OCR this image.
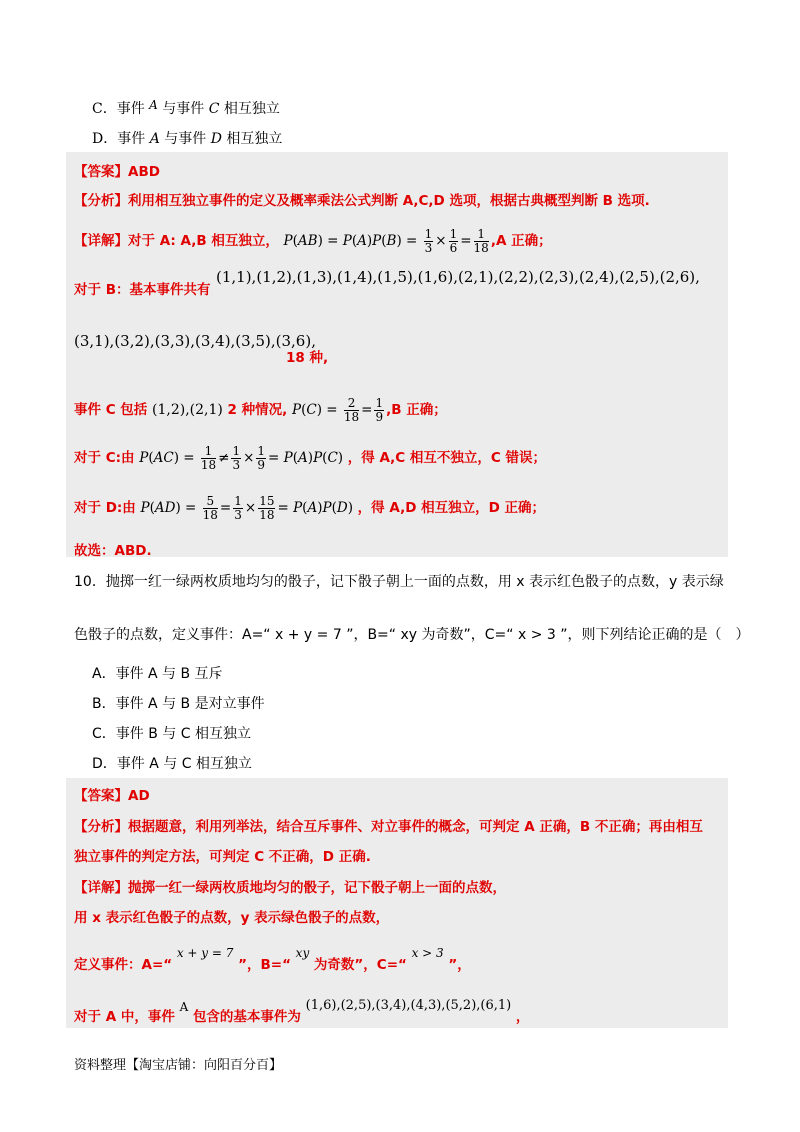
C．事件 A 与事件 C 相互独立
D．事件 A 与事件 D 相互独立
【答案】ABD
【分析】利用相互独立事件的定义及概率乘法公式判断 A,C,D 选项，根据古典概型判断 B 选项.
【详解】对于 A: A,B 相互独立， $P(AB) = P(A)P(B) = \frac{1}{3} \times \frac{1}{6} = \frac{1}{18} ,A$ 正确；
对于 B：基本事件共有
(1,1),(1,2),(1,3),(1,4),(1,5),(1,6),(2,1),(2,2),(2,3),(2,4),(2,5),(2,6),
(3,1),(3,2),(3,3),(3,4),(3,5),(3,6),
18 种,
事件 C 包括 (1,2),(2,1) 2 种情况, $P(C) = \frac{2}{18} = \frac{1}{9} ,B$ 正确；
对于 C:由 $P(AC) = \frac{1}{18} \ne \frac{1}{3} \times \frac{1}{9} = P(A)P(C)$ ，得 A,C 相互不独立，C 错误；
对于 D:由 $P(AD) = \frac{5}{18} = \frac{1}{3} \times \frac{15}{18} = P(A)P(D)$ ，得 A,D 相互独立，D 正确；
故选：ABD.
10．抛掷一红一绿两枚质地均匀的骰子，记下骰子朝上一面的点数，用 x 表示红色骰子的点数，y 表示绿
色骰子的点数，定义事件：A=“ x + y = 7 ”，B=“ xy 为奇数”，C=“ x > 3 ”，则下列结论正确的是（　）
A．事件 A 与 B 互斥
B．事件 A 与 B 是对立事件
C．事件 B 与 C 相互独立
D．事件 A 与 C 相互独立
【答案】AD
【分析】根据题意，利用列举法，结合互斥事件、对立事件的概念，可判定 A 正确，B 不正确；再由相互
独立事件的判定方法，可判定 C 不正确，D 正确.
【详解】抛掷一红一绿两枚质地均匀的骰子，记下骰子朝上一面的点数，
用 x 表示红色骰子的点数，y 表示绿色骰子的点数，
定义事件：A=“ x + y = 7 ”，B=“ xy 为奇数”，C=“ x > 3 ”，
对于 A 中，事件 A 包含的基本事件为 (1,6),(2,5),(3,4),(4,3),(5,2),(6,1) ，
资料整理【淘宝店铺：向阳百分百】
